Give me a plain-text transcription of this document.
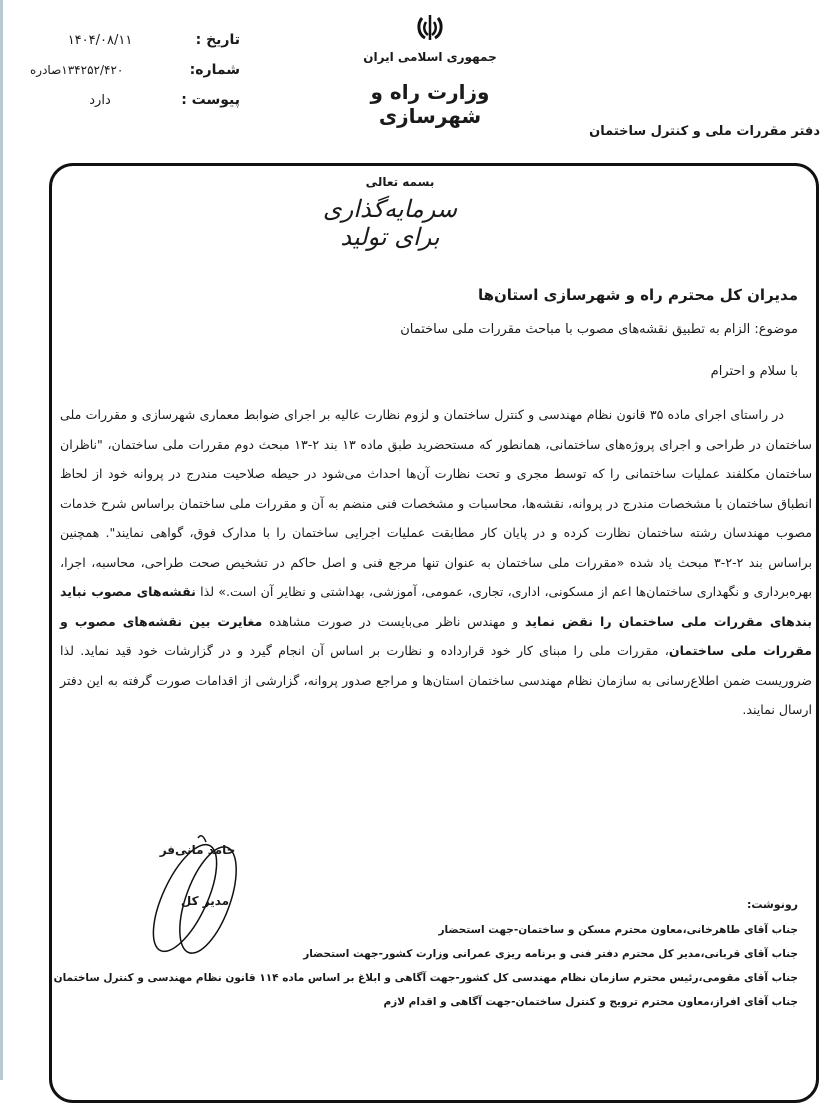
تاریخ :
۱۴۰۴/۰۸/۱۱
شماره:
۱۳۴۲۵۲/۴۲۰صادره
پیوست :
دارد
جمهوری اسلامی ایران
وزارت راه و شهرسازی
دفتر مقررات ملی و کنترل ساختمان
بسمه تعالی
سرمایه‌گذاری برای تولید
مدیران کل محترم راه و شهرسازی استان‌ها
موضوع: الزام به تطبیق نقشه‌های مصوب با مباحث مقررات ملی ساختمان
با سلام و احترام
در راستای اجرای ماده ۳۵ قانون نظام مهندسی و کنترل ساختمان و لزوم نظارت عالیه بر اجرای ضوابط معماری شهرسازی و مقررات ملی ساختمان در طراحی و اجرای پروژه‌های ساختمانی، همانطور که مستحضرید طبق ماده ۱۳ بند ۲-۱۳ مبحث دوم مقررات ملی ساختمان، "ناظران ساختمان مکلفند عملیات ساختمانی را که توسط مجری و تحت نظارت آن‌ها احداث می‌شود در حیطه صلاحیت مندرج در پروانه خود از لحاظ انطباق ساختمان با مشخصات مندرج در پروانه، نقشه‌ها، محاسبات و مشخصات فنی منضم به آن و مقررات ملی ساختمان براساس شرح خدمات مصوب مهندسان رشته ساختمان نظارت کرده و در پایان کار مطابقت عملیات اجرایی ساختمان را با مدارک فوق، گواهی نمایند". همچنین براساس بند ۲-۲-۳ مبحث یاد شده «مقررات ملی ساختمان به عنوان تنها مرجع فنی و اصل حاکم در تشخیص صحت طراحی، محاسبه، اجرا، بهره‌برداری و نگهداری ساختمان‌ها اعم از مسکونی، اداری، تجاری، عمومی، آموزشی، بهداشتی و نظایر آن است.» لذا نقشه‌های مصوب نباید بندهای مقررات ملی ساختمان را نقض نماید و مهندس ناظر می‌بایست در صورت مشاهده مغایرت بین نقشه‌های مصوب و مقررات ملی ساختمان، مقررات ملی را مبنای کار خود قرارداده و نظارت بر اساس آن انجام گیرد و در گزارشات خود قید نماید. لذا ضروریست ضمن اطلاع‌رسانی به سازمان نظام مهندسی ساختمان استان‌ها و مراجع صدور پروانه، گزارشی از اقدامات صورت گرفته به این دفتر ارسال نمایند.
حامد مانی‌فر
مدیر کل	رونوشت:
جناب آقای طاهرخانی،معاون محترم مسکن و ساختمان-جهت استحضار
جناب آقای قربانی،مدیر کل محترم دفتر فنی و برنامه ریزی عمرانی وزارت کشور-جهت استحضار
جناب آقای مقومی،رئیس محترم سازمان نظام مهندسی کل کشور-جهت آگاهی و ابلاغ بر اساس ماده ۱۱۴ قانون نظام مهندسی و کنترل ساختمان
جناب آقای افراز،معاون محترم ترویج و کنترل ساختمان-جهت آگاهی و اقدام لازم
